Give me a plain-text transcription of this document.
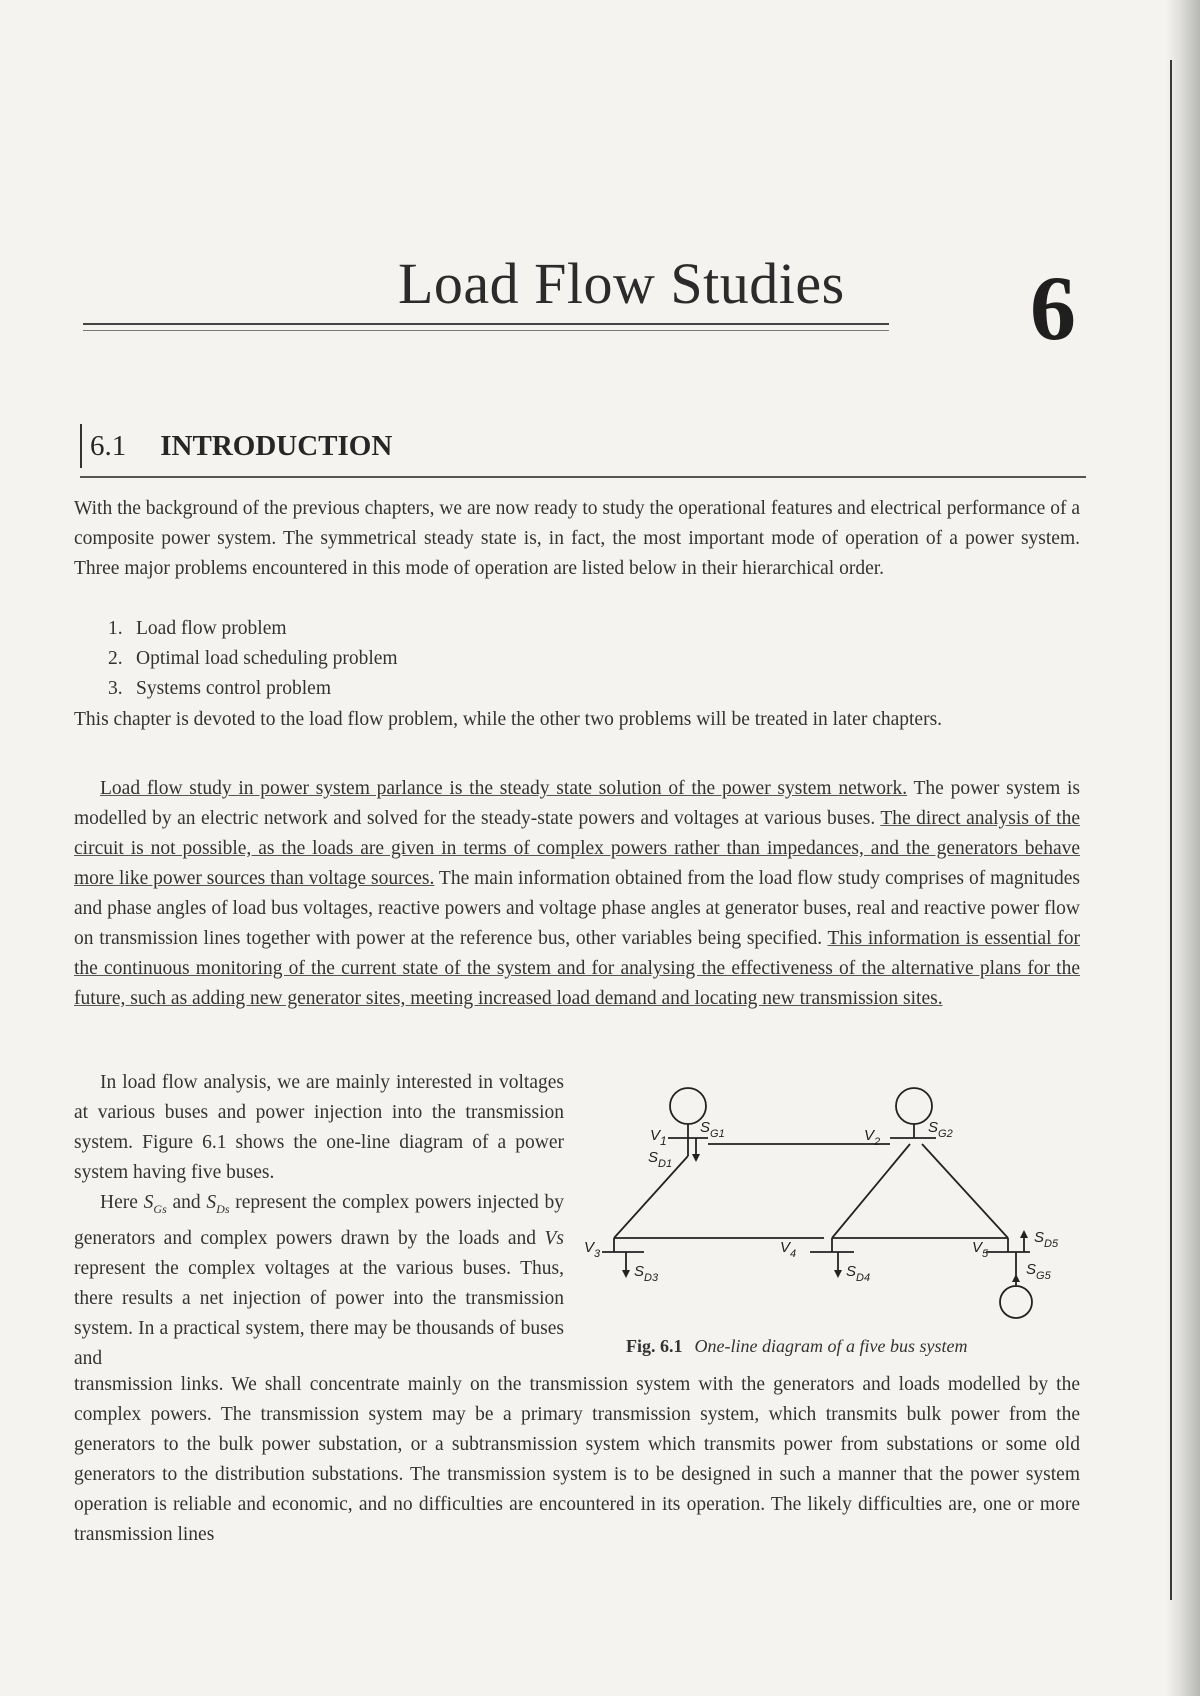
Load Flow Studies 6
6.1 INTRODUCTION
With the background of the previous chapters, we are now ready to study the operational features and electrical performance of a composite power system. The symmetrical steady state is, in fact, the most important mode of operation of a power system. Three major problems encountered in this mode of operation are listed below in their hierarchical order.
1. Load flow problem
2. Optimal load scheduling problem
3. Systems control problem
This chapter is devoted to the load flow problem, while the other two problems will be treated in later chapters.
Load flow study in power system parlance is the steady state solution of the power system network. The power system is modelled by an electric network and solved for the steady-state powers and voltages at various buses. The direct analysis of the circuit is not possible, as the loads are given in terms of complex powers rather than impedances, and the generators behave more like power sources than voltage sources. The main information obtained from the load flow study comprises of magnitudes and phase angles of load bus voltages, reactive powers and voltage phase angles at generator buses, real and reactive power flow on transmission lines together with power at the reference bus, other variables being specified. This information is essential for the continuous monitoring of the current state of the system and for analysing the effectiveness of the alternative plans for the future, such as adding new generator sites, meeting increased load demand and locating new transmission sites.
In load flow analysis, we are mainly interested in voltages at various buses and power injection into the transmission system. Figure 6.1 shows the one-line diagram of a power system having five buses.
Here $S_{Gs}$ and $S_{Ds}$ represent the complex powers injected by generators and complex powers drawn by the loads and Vs represent the complex voltages at the various buses. Thus, there results a net injection of power into the transmission system. In a practical system, there may be thousands of buses and
$V_1$
$S_{G1}$
$S_{D1}$
$V_2$
$S_{G2}$
$V_3$
$S_{D3}$
$V_4$
$S_{D4}$
$V_5$
$S_{D5}$
$S_{G5}$
Fig. 6.1 One-line diagram of a five bus system
transmission links. We shall concentrate mainly on the transmission system with the generators and loads modelled by the complex powers. The transmission system may be a primary transmission system, which transmits bulk power from the generators to the bulk power substation, or a subtransmission system which transmits power from substations or some old generators to the distribution substations. The transmission system is to be designed in such a manner that the power system operation is reliable and economic, and no difficulties are encountered in its operation. The likely difficulties are, one or more transmission lines
